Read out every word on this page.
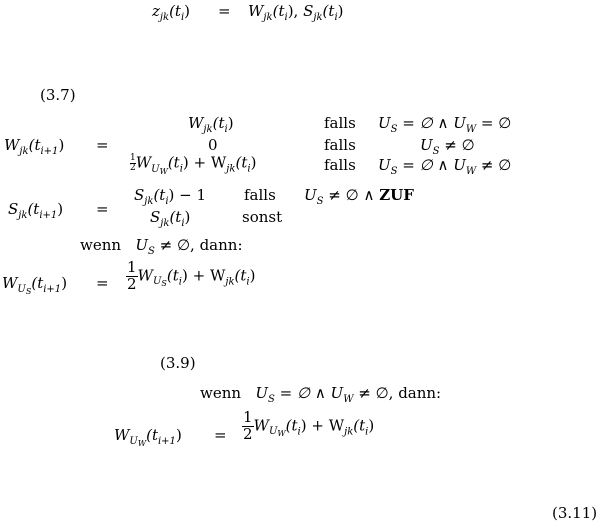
$z_{jk}(t_i) = W_{jk}(t_i)$, $S_{jk}(t_i)$
(3.7)
$W_{jk}(t_{i+1})$ =
$W_{jk}(t_i)$	falls $U_S$ = ∅ ∧ $U_W$ = ∅
0	falls	$U_S$ ≠ ∅
$\frac{1}{2} W_{U_W}(t_i) + W_{jk}(t_i)$	falls $U_S$ = ∅ ∧ $U_W$ ≠ ∅
$S_{jk}(t_{i+1})$ =
$S_{jk}(t_i) - 1$	falls $U_S$ ≠ ∅ ∧ ZUF
$S_{jk}(t_i)$	sonst
wenn $U_S$ ≠ ∅, dann:
$W_{U_S}(t_{i+1}) = \frac{1}{2} W_{U_S}(t_i) + W_{jk}(t_i)$
(3.9)
wenn $U_S$ = ∅ ∧ $U_W$ ≠ ∅, dann:
$W_{U_W}(t_{i+1}) = \frac{1}{2} W_{U_W}(t_i) + W_{jk}(t_i)$
(3.11)
